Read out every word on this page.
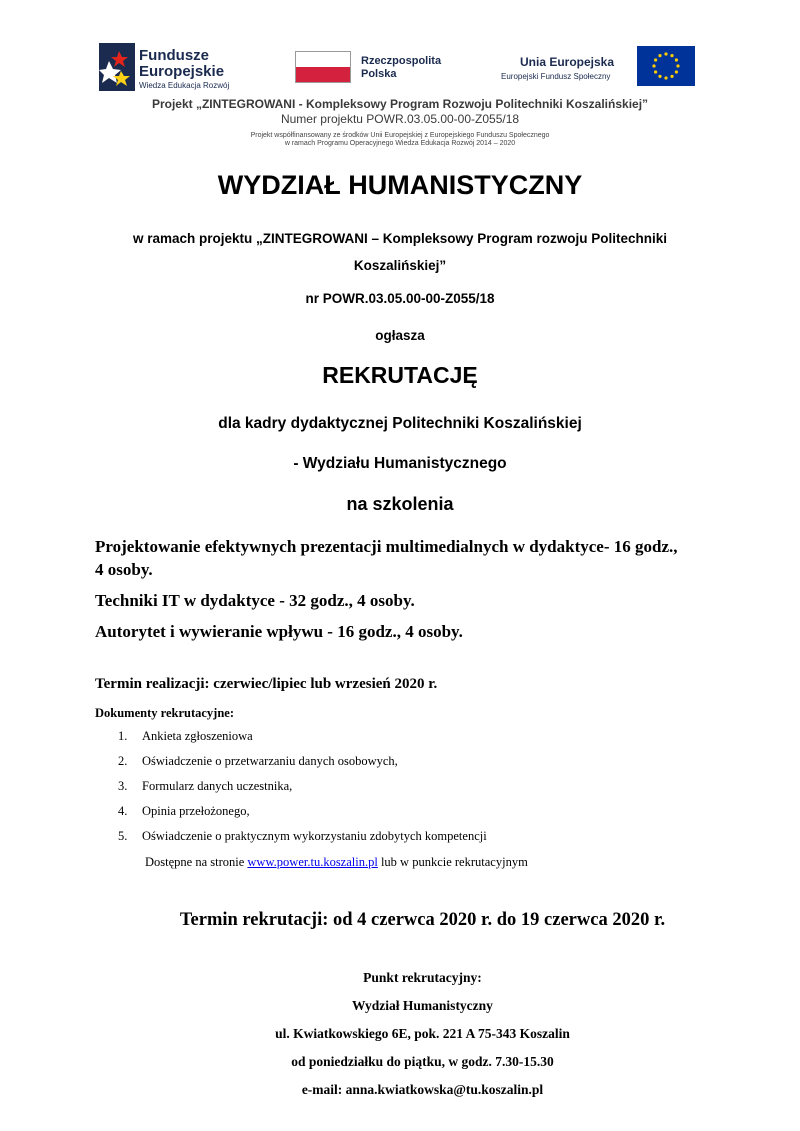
Fundusze
Europejskie
Wiedza Edukacja Rozwój
Rzeczpospolita
Polska
Unia Europejska
Europejski Fundusz Społeczny
Projekt „ZINTEGROWANI - Kompleksowy Program Rozwoju Politechniki Koszalińskiej”
Numer projektu POWR.03.05.00-00-Z055/18
Projekt współfinansowany ze środków Unii Europejskiej z Europejskiego Funduszu Społecznego
w ramach Programu Operacyjnego Wiedza Edukacja Rozwój 2014 – 2020
WYDZIAŁ HUMANISTYCZNY
w ramach projektu „ZINTEGROWANI – Kompleksowy Program rozwoju Politechniki
Koszalińskiej”
nr POWR.03.05.00-00-Z055/18
ogłasza
REKRUTACJĘ
dla kadry dydaktycznej Politechniki Koszalińskiej
- Wydziału Humanistycznego
na szkolenia
Projektowanie efektywnych prezentacji multimedialnych w dydaktyce- 16 godz.,
4 osoby.
Techniki IT w dydaktyce - 32 godz., 4 osoby.
Autorytet i wywieranie wpływu - 16 godz., 4 osoby.
Termin realizacji: czerwiec/lipiec lub wrzesień 2020 r.
Dokumenty rekrutacyjne:
1. Ankieta zgłoszeniowa
2. Oświadczenie o przetwarzaniu danych osobowych,
3. Formularz danych uczestnika,
4. Opinia przełożonego,
5. Oświadczenie o praktycznym wykorzystaniu zdobytych kompetencji
Dostępne na stronie www.power.tu.koszalin.pl lub w punkcie rekrutacyjnym
Termin rekrutacji: od 4 czerwca 2020 r. do 19 czerwca 2020 r.
Punkt rekrutacyjny:
Wydział Humanistyczny
ul. Kwiatkowskiego 6E, pok. 221 A 75-343 Koszalin
od poniedziałku do piątku, w godz. 7.30-15.30
e-mail: anna.kwiatkowska@tu.koszalin.pl
